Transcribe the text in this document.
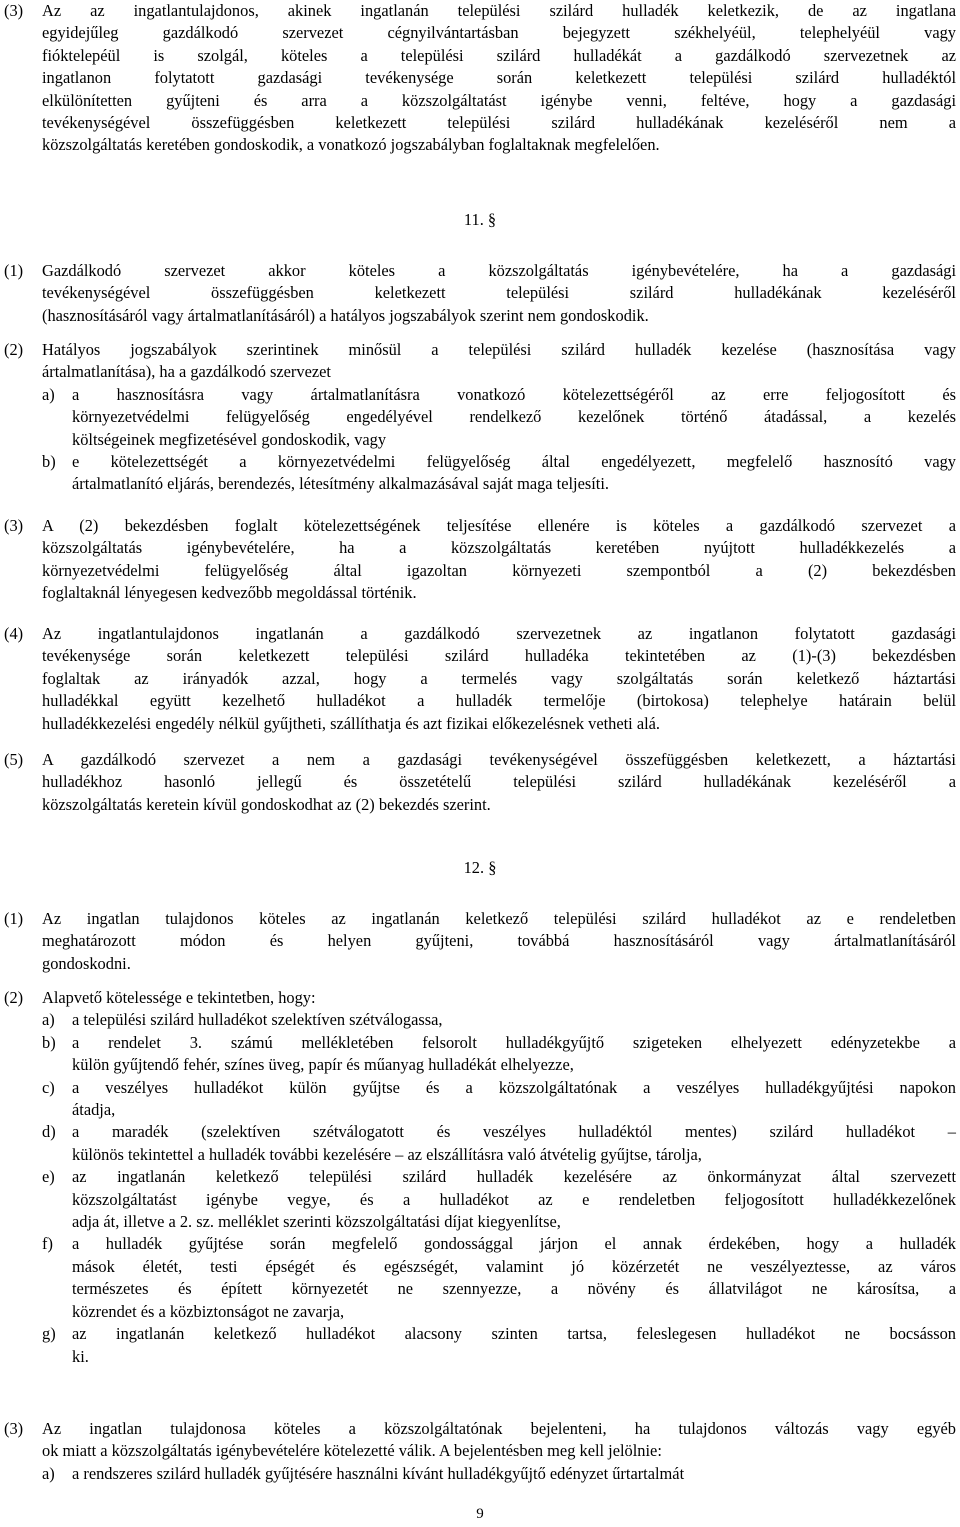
(3)	Az az ingatlantulajdonos, akinek ingatlanán települési szilárd hulladék keletkezik, de az ingatlana
egyidejűleg gazdálkodó szervezet cégnyilvántartásban bejegyzett székhelyéül, telephelyéül vagy
fióktelepéül is szolgál, köteles a települési szilárd hulladékát a gazdálkodó szervezetnek az
ingatlanon folytatott gazdasági tevékenysége során keletkezett települési szilárd hulladéktól
elkülönítetten gyűjteni és arra a közszolgáltatást igénybe venni, feltéve, hogy a gazdasági
tevékenységével összefüggésben keletkezett települési szilárd hulladékának kezeléséről nem a
közszolgáltatás keretében gondoskodik, a vonatkozó jogszabályban foglaltaknak megfelelően.
11. §
(1)	Gazdálkodó szervezet akkor köteles a közszolgáltatás igénybevételére, ha a gazdasági
tevékenységével összefüggésben keletkezett települési szilárd hulladékának kezeléséről
(hasznosításáról vagy ártalmatlanításáról) a hatályos jogszabályok szerint nem gondoskodik.
(2)	Hatályos jogszabályok szerintinek minősül a települési szilárd hulladék kezelése (hasznosítása vagy
ártalmatlanítása), ha a gazdálkodó szervezet
a)	a hasznosításra vagy ártalmatlanításra vonatkozó kötelezettségéről az erre feljogosított és
környezetvédelmi felügyelőség engedélyével rendelkező kezelőnek történő átadással, a kezelés
költségeinek megfizetésével gondoskodik, vagy
b) e kötelezettségét a környezetvédelmi felügyelőség által engedélyezett, megfelelő hasznosító vagy
ártalmatlanító eljárás, berendezés, létesítmény alkalmazásával saját maga teljesíti.
(3)	A (2) bekezdésben foglalt kötelezettségének teljesítése ellenére is köteles a gazdálkodó szervezet a
közszolgáltatás igénybevételére, ha a közszolgáltatás keretében nyújtott hulladékkezelés a
környezetvédelmi felügyelőség által igazoltan környezeti szempontból a (2) bekezdésben
foglaltaknál lényegesen kedvezőbb megoldással történik.
(4)	Az ingatlantulajdonos ingatlanán a gazdálkodó szervezetnek az ingatlanon folytatott gazdasági
tevékenysége során keletkezett települési szilárd hulladéka tekintetében az (1)-(3) bekezdésben
foglaltak az irányadók azzal, hogy a termelés vagy szolgáltatás során keletkező háztartási
hulladékkal együtt kezelhető hulladékot a hulladék termelője (birtokosa) telephelye határain belül
hulladékkezelési engedély nélkül gyűjtheti, szállíthatja és azt fizikai előkezelésnek vetheti alá.
(5)	A gazdálkodó szervezet a nem a gazdasági tevékenységével összefüggésben keletkezett, a háztartási
hulladékhoz hasonló jellegű és összetételű települési szilárd hulladékának kezeléséről a
közszolgáltatás keretein kívül gondoskodhat az (2) bekezdés szerint.
12. §
(1)	Az ingatlan tulajdonos köteles az ingatlanán keletkező települési szilárd hulladékot az e rendeletben
meghatározott módon és helyen gyűjteni, továbbá hasznosításáról vagy ártalmatlanításáról
gondoskodni.
(2)	Alapvető kötelessége e tekintetben, hogy:
a)	a települési szilárd hulladékot szelektíven szétválogassa,
b) a rendelet 3. számú mellékletében felsorolt hulladékgyűjtő szigeteken elhelyezett edényzetekbe a
külön gyűjtendő fehér, színes üveg, papír és műanyag hulladékát elhelyezze,
c)	a veszélyes hulladékot külön gyűjtse és a közszolgáltatónak a veszélyes hulladékgyűjtési napokon
átadja,
d) a maradék (szelektíven szétválogatott és veszélyes hulladéktól mentes) szilárd hulladékot –
különös tekintettel a hulladék további kezelésére – az elszállításra való átvételig gyűjtse, tárolja,
e)	az ingatlanán keletkező települési szilárd hulladék kezelésére az önkormányzat által szervezett
közszolgáltatást igénybe vegye, és a hulladékot az e rendeletben feljogosított hulladékkezelőnek
adja át, illetve a 2. sz. melléklet szerinti közszolgáltatási díjat kiegyenlítse,
f)	a hulladék gyűjtése során megfelelő gondossággal járjon el annak érdekében, hogy a hulladék
mások életét, testi épségét és egészségét, valamint jó közérzetét ne veszélyeztesse, az város
természetes és épített környezetét ne szennyezze, a növény és állatvilágot ne károsítsa, a
közrendet és a közbiztonságot ne zavarja,
g) az ingatlanán keletkező hulladékot alacsony szinten tartsa, feleslegesen hulladékot ne bocsásson
ki.
(3)	Az ingatlan tulajdonosa köteles a közszolgáltatónak bejelenteni, ha tulajdonos változás vagy egyéb
ok miatt a közszolgáltatás igénybevételére kötelezetté válik. A bejelentésben meg kell jelölnie:
a)	a rendszeres szilárd hulladék gyűjtésére használni kívánt hulladékgyűjtő edényzet űrtartalmát
9
